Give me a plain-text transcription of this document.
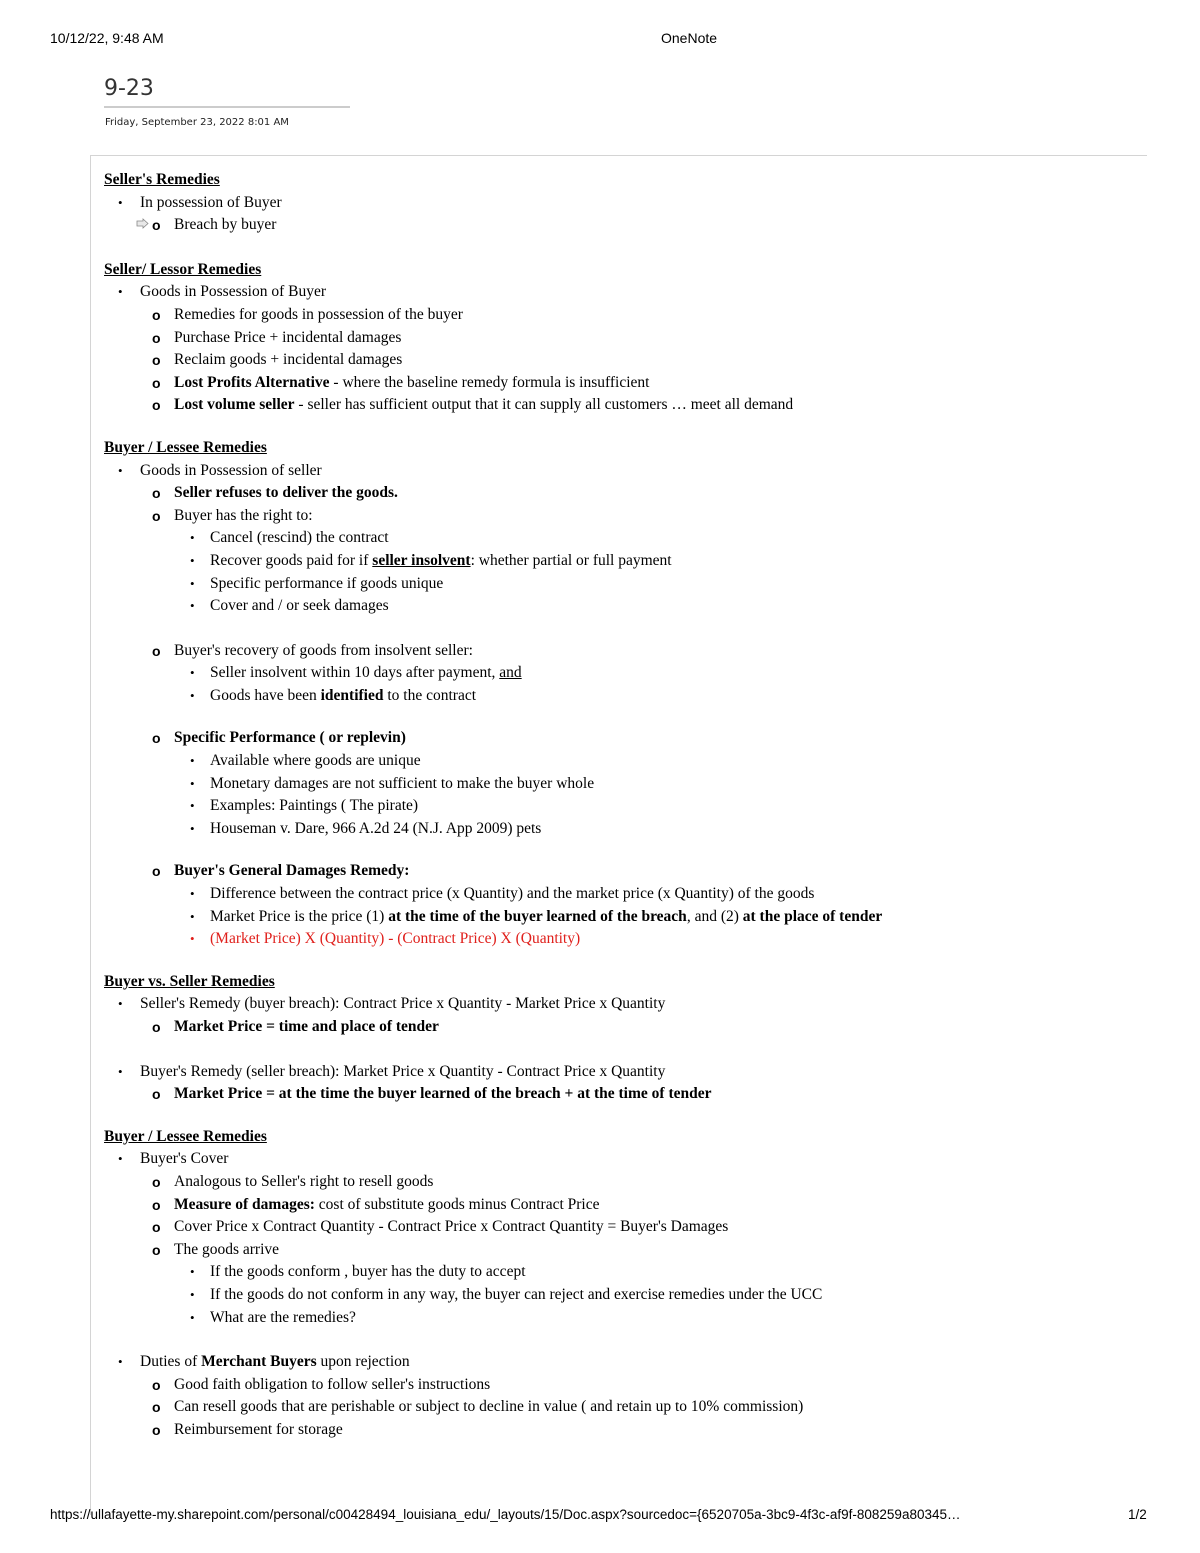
10/12/22, 9:48 AM	OneNote
9-23
Friday, September 23, 2022 8:01 AM
Seller's Remedies
• In possession of Buyer
o Breach by buyer
Seller/ Lessor Remedies
• Goods in Possession of Buyer
o Remedies for goods in possession of the buyer
o Purchase Price + incidental damages
o Reclaim goods + incidental damages
o Lost Profits Alternative - where the baseline remedy formula is insufficient
o Lost volume seller - seller has sufficient output that it can supply all customers … meet all demand
Buyer / Lessee Remedies
• Goods in Possession of seller
o Seller refuses to deliver the goods.
o Buyer has the right to:
• Cancel (rescind) the contract
• Recover goods paid for if seller insolvent: whether partial or full payment
• Specific performance if goods unique
• Cover and / or seek damages
o Buyer's recovery of goods from insolvent seller:
• Seller insolvent within 10 days after payment, and
• Goods have been identified to the contract
o Specific Performance ( or replevin)
• Available where goods are unique
• Monetary damages are not sufficient to make the buyer whole
• Examples: Paintings ( The pirate)
• Houseman v. Dare, 966 A.2d 24 (N.J. App 2009) pets
o Buyer's General Damages Remedy:
• Difference between the contract price (x Quantity) and the market price (x Quantity) of the goods
• Market Price is the price (1) at the time of the buyer learned of the breach, and (2) at the place of tender
• (Market Price) X (Quantity) - (Contract Price) X (Quantity)
Buyer vs. Seller Remedies
• Seller's Remedy (buyer breach): Contract Price x Quantity - Market Price x Quantity
o Market Price = time and place of tender
• Buyer's Remedy (seller breach): Market Price x Quantity - Contract Price x Quantity
o Market Price = at the time the buyer learned of the breach + at the time of tender
Buyer / Lessee Remedies
• Buyer's Cover
o Analogous to Seller's right to resell goods
o Measure of damages: cost of substitute goods minus Contract Price
o Cover Price x Contract Quantity - Contract Price x Contract Quantity = Buyer's Damages
o The goods arrive
• If the goods conform , buyer has the duty to accept
• If the goods do not conform in any way, the buyer can reject and exercise remedies under the UCC
• What are the remedies?
• Duties of Merchant Buyers upon rejection
o Good faith obligation to follow seller's instructions
o Can resell goods that are perishable or subject to decline in value ( and retain up to 10% commission)
o Reimbursement for storage
https://ullafayette-my.sharepoint.com/personal/c00428494_louisiana_edu/_layouts/15/Doc.aspx?sourcedoc={6520705a-3bc9-4f3c-af9f-808259a80345…	1/2
